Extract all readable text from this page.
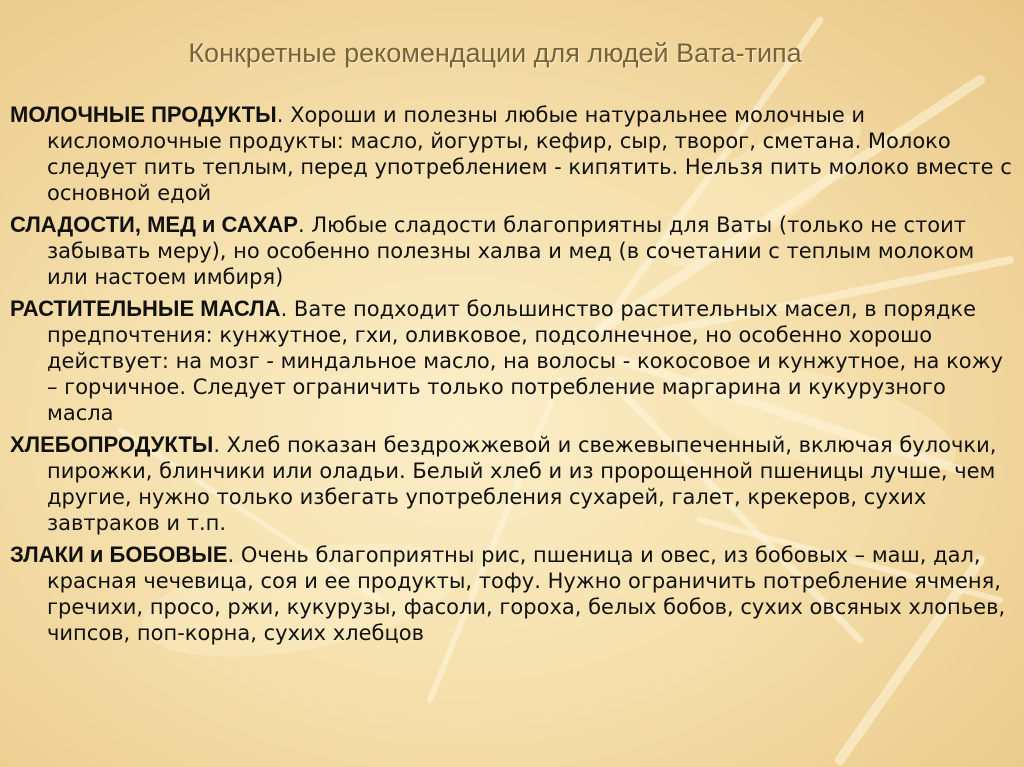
Конкретные рекомендации для людей Вата-типа

МОЛОЧНЫЕ ПРОДУКТЫ. Хороши и полезны любые натуральнее молочные и кисломолочные продукты: масло, йогурты, кефир, сыр, творог, сметана. Молоко следует пить теплым, перед употреблением - кипятить. Нельзя пить молоко вместе с основной едой

СЛАДОСТИ, МЕД и САХАР. Любые сладости благоприятны для Ваты (только не стоит забывать меру), но особенно полезны халва и мед (в сочетании с теплым молоком или настоем имбиря)

РАСТИТЕЛЬНЫЕ МАСЛА. Вате подходит большинство растительных масел, в порядке предпочтения: кунжутное, гхи, оливковое, подсолнечное, но особенно хорошо действует: на мозг - миндальное масло, на волосы - кокосовое и кунжутное, на кожу – горчичное. Следует ограничить только потребление маргарина и кукурузного масла

ХЛЕБОПРОДУКТЫ. Хлеб показан бездрожжевой и свежевыпеченный, включая булочки, пирожки, блинчики или оладьи. Белый хлеб и из пророщенной пшеницы лучше, чем другие, нужно только избегать употребления сухарей, галет, крекеров, сухих завтраков и т.п.

ЗЛАКИ и БОБОВЫЕ. Очень благоприятны рис, пшеница и овес, из бобовых – маш, дал, красная чечевица, соя и ее продукты, тофу. Нужно ограничить потребление ячменя, гречихи, просо, ржи, кукурузы, фасоли, гороха, белых бобов, сухих овсяных хлопьев, чипсов, поп-корна, сухих хлебцов
